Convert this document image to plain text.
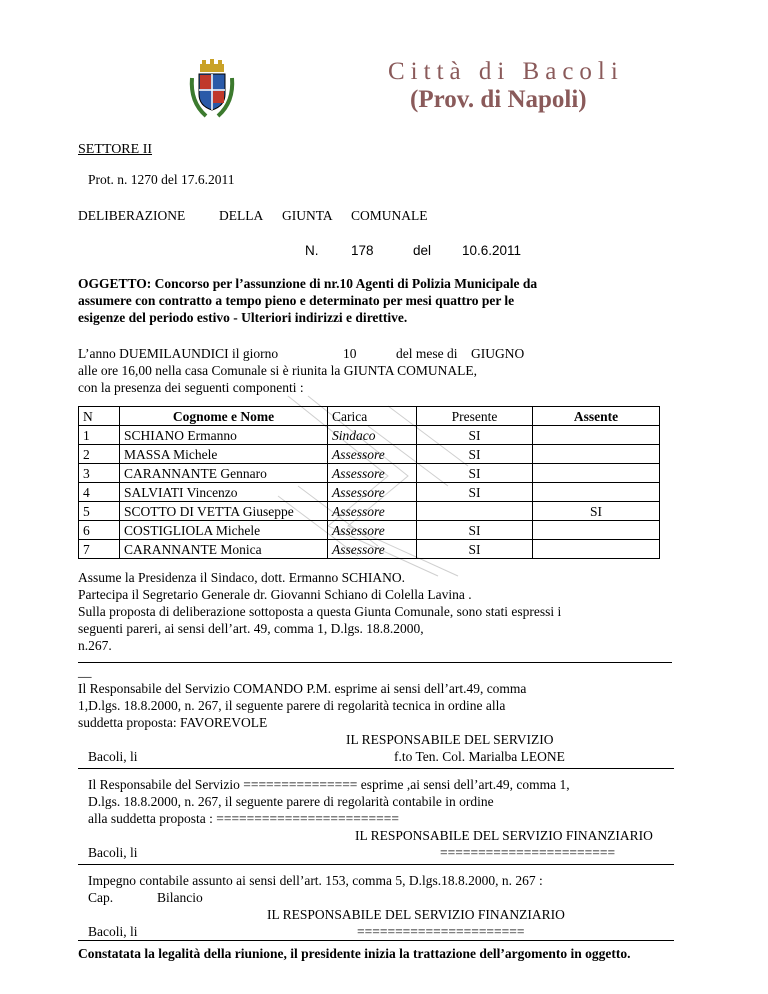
Città di Bacoli
(Prov. di Napoli)
SETTORE II
Prot. n. 1270 del 17.6.2011
DELIBERAZIONE	DELLA GIUNTA COMUNALE
N. 178	del 10.6.2011
OGGETTO: Concorso per l’assunzione di nr.10 Agenti di Polizia Municipale da
assumere con contratto a tempo pieno e determinato per mesi quattro per le
esigenze del periodo estivo - Ulteriori indirizzi e direttive.
L’anno DUEMILAUNDICI il giorno	10	del mese di GIUGNO
alle ore 16,00 nella casa Comunale si è riunita la GIUNTA COMUNALE,
con la presenza dei seguenti componenti :
N	Cognome e Nome	Carica	Presente	Assente
1	SCHIANO Ermanno	Sindaco	SI	
2	MASSA Michele	Assessore	SI	
3	CARANNANTE Gennaro	Assessore	SI	
4	SALVIATI Vincenzo	Assessore	SI	
5	SCOTTO DI VETTA Giuseppe	Assessore		SI
6	COSTIGLIOLA Michele	Assessore	SI	
7	CARANNANTE Monica	Assessore	SI	
Assume la Presidenza il Sindaco, dott. Ermanno SCHIANO.
Partecipa il Segretario Generale dr. Giovanni Schiano di Colella Lavina .
Sulla proposta di deliberazione sottoposta a questa Giunta Comunale, sono stati espressi i
seguenti pareri, ai sensi dell’art. 49, comma 1, D.lgs. 18.8.2000,
n.267.
__
Il Responsabile del Servizio COMANDO P.M. esprime ai sensi dell’art.49, comma
1,D.lgs. 18.8.2000, n. 267, il seguente parere di regolarità tecnica in ordine alla
suddetta proposta: FAVOREVOLE
IL RESPONSABILE DEL SERVIZIO
Bacoli, li	f.to Ten. Col. Marialba LEONE
Il Responsabile del Servizio =============== esprime ,ai sensi dell’art.49, comma 1,
D.lgs. 18.8.2000, n. 267, il seguente parere di regolarità contabile in ordine
alla suddetta proposta : ========================
IL RESPONSABILE DEL SERVIZIO FINANZIARIO
Bacoli, li	=======================
Impegno contabile assunto ai sensi dell’art. 153, comma 5, D.lgs.18.8.2000, n. 267 :
Cap.	Bilancio
IL RESPONSABILE DEL SERVIZIO FINANZIARIO
Bacoli, li	======================
Constatata la legalità della riunione, il presidente inizia la trattazione dell’argomento in oggetto.
